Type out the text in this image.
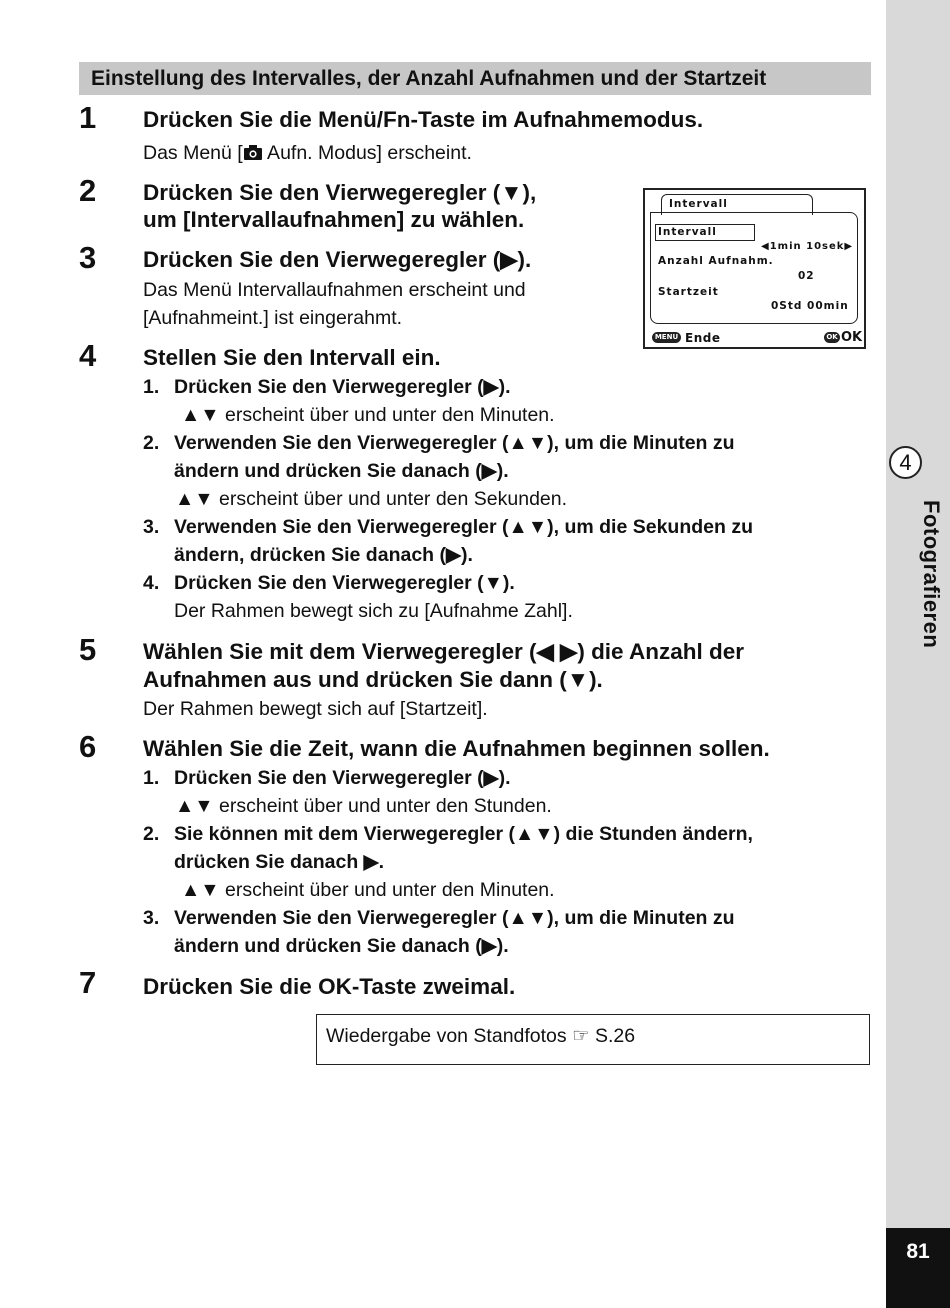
4
Fotografieren
81
Einstellung des Intervalles, der Anzahl Aufnahmen und der Startzeit
1 Drücken Sie die Menü/Fn-Taste im Aufnahmemodus.
Das Menü [ Aufn. Modus] erscheint.
2 Drücken Sie den Vierwegeregler (▼),
um [Intervallaufnahmen] zu wählen.
3 Drücken Sie den Vierwegeregler (▶).
Das Menü Intervallaufnahmen erscheint und
[Aufnahmeint.] ist eingerahmt.
Intervall
Intervall
◀1min 10sek▶
Anzahl Aufnahm.
02
Startzeit
0Std 00min
MENU Ende	OK OK
4 Stellen Sie den Intervall ein.
1. Drücken Sie den Vierwegeregler (▶).
▲▼ erscheint über und unter den Minuten.
2. Verwenden Sie den Vierwegeregler (▲▼), um die Minuten zu
ändern und drücken Sie danach (▶).
▲▼ erscheint über und unter den Sekunden.
3. Verwenden Sie den Vierwegeregler (▲▼), um die Sekunden zu
ändern, drücken Sie danach (▶).
4. Drücken Sie den Vierwegeregler (▼).
Der Rahmen bewegt sich zu [Aufnahme Zahl].
5 Wählen Sie mit dem Vierwegeregler (◀ ▶) die Anzahl der
Aufnahmen aus und drücken Sie dann (▼).
Der Rahmen bewegt sich auf [Startzeit].
6 Wählen Sie die Zeit, wann die Aufnahmen beginnen sollen.
1. Drücken Sie den Vierwegeregler (▶).
▲▼ erscheint über und unter den Stunden.
2. Sie können mit dem Vierwegeregler (▲▼) die Stunden ändern,
drücken Sie danach ▶.
▲▼ erscheint über und unter den Minuten.
3. Verwenden Sie den Vierwegeregler (▲▼), um die Minuten zu
ändern und drücken Sie danach (▶).
7 Drücken Sie die OK-Taste zweimal.
Wiedergabe von Standfotos ☞ S.26
